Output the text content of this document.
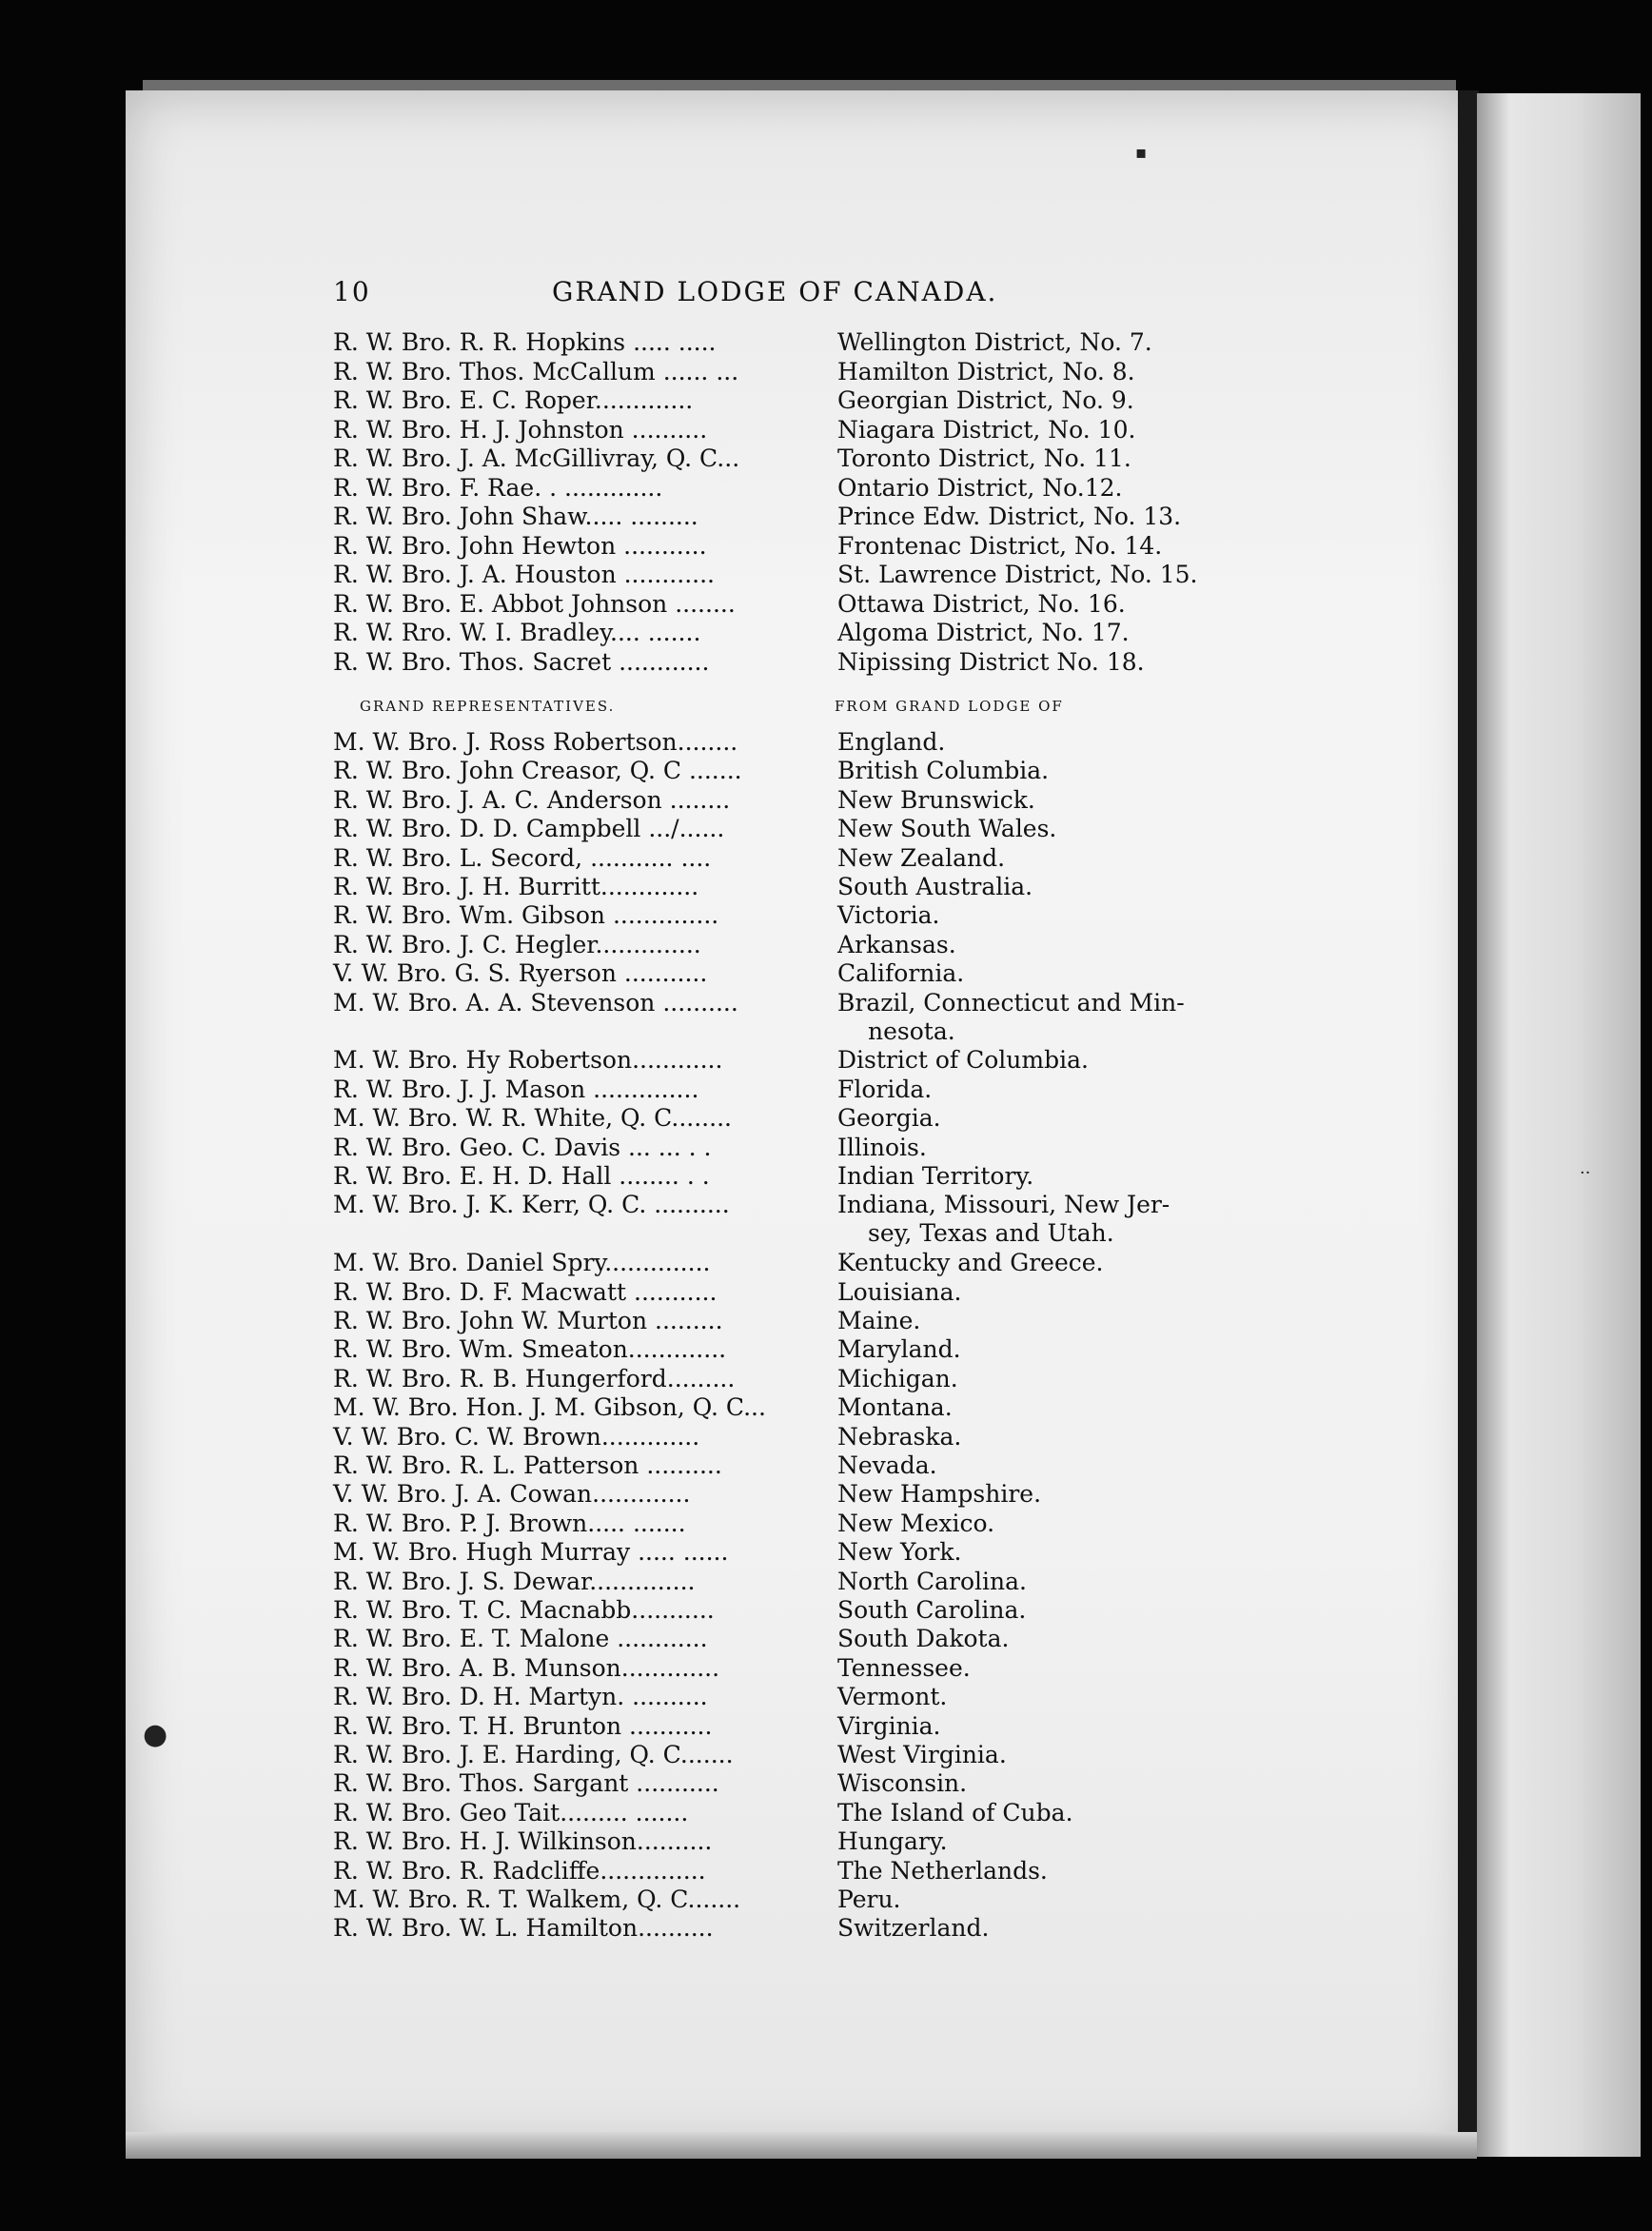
10	GRAND LODGE OF CANADA.
GRAND REPRESENTATIVES.	FROM GRAND LODGE OF
R. W. Bro. R. R. Hopkins ..... .....	Wellington District, No. 7.
R. W. Bro. Thos. McCallum ...... ...	Hamilton District, No. 8.
R. W. Bro. E. C. Roper.............	Georgian District, No. 9.
R. W. Bro. H. J. Johnston ..........	Niagara District, No. 10.
R. W. Bro. J. A. McGillivray, Q. C...	Toronto District, No. 11.
R. W. Bro. F. Rae. . .............	Ontario District, No.12.
R. W. Bro. John Shaw..... .........	Prince Edw. District, No. 13.
R. W. Bro. John Hewton ...........	Frontenac District, No. 14.
R. W. Bro. J. A. Houston ............	St. Lawrence District, No. 15.
R. W. Bro. E. Abbot Johnson ........	Ottawa District, No. 16.
R. W. Rro. W. I. Bradley.... .......	Algoma District, No. 17.
R. W. Bro. Thos. Sacret ............	Nipissing District No. 18.
M. W. Bro. J. Ross Robertson........	England.
R. W. Bro. John Creasor, Q. C .......	British Columbia.
R. W. Bro. J. A. C. Anderson ........	New Brunswick.
R. W. Bro. D. D. Campbell .../......	New South Wales.
R. W. Bro. L. Secord, ........... ....	New Zealand.
R. W. Bro. J. H. Burritt.............	South Australia.
R. W. Bro. Wm. Gibson ..............	Victoria.
R. W. Bro. J. C. Hegler..............	Arkansas.
V. W. Bro. G. S. Ryerson ...........	California.
M. W. Bro. A. A. Stevenson ..........	Brazil, Connecticut and Min-
nesota.
M. W. Bro. Hy Robertson............	District of Columbia.
R. W. Bro. J. J. Mason ..............	Florida.
M. W. Bro. W. R. White, Q. C........	Georgia.
R. W. Bro. Geo. C. Davis ... ... . .	Illinois.
R. W. Bro. E. H. D. Hall ........ . .	Indian Territory.
M. W. Bro. J. K. Kerr, Q. C. ..........	Indiana, Missouri, New Jer-
sey, Texas and Utah.
M. W. Bro. Daniel Spry..............	Kentucky and Greece.
R. W. Bro. D. F. Macwatt ...........	Louisiana.
R. W. Bro. John W. Murton .........	Maine.
R. W. Bro. Wm. Smeaton.............	Maryland.
R. W. Bro. R. B. Hungerford.........	Michigan.
M. W. Bro. Hon. J. M. Gibson, Q. C...	Montana.
V. W. Bro. C. W. Brown.............	Nebraska.
R. W. Bro. R. L. Patterson ..........	Nevada.
V. W. Bro. J. A. Cowan.............	New Hampshire.
R. W. Bro. P. J. Brown..... .......	New Mexico.
M. W. Bro. Hugh Murray ..... ......	New York.
R. W. Bro. J. S. Dewar..............	North Carolina.
R. W. Bro. T. C. Macnabb...........	South Carolina.
R. W. Bro. E. T. Malone ............	South Dakota.
R. W. Bro. A. B. Munson.............	Tennessee.
R. W. Bro. D. H. Martyn. ..........	Vermont.
R. W. Bro. T. H. Brunton ...........	Virginia.
R. W. Bro. J. E. Harding, Q. C.......	West Virginia.
R. W. Bro. Thos. Sargant ...........	Wisconsin.
R. W. Bro. Geo Tait......... .......	The Island of Cuba.
R. W. Bro. H. J. Wilkinson..........	Hungary.
R. W. Bro. R. Radcliffe..............	The Netherlands.
M. W. Bro. R. T. Walkem, Q. C.......	Peru.
R. W. Bro. W. L. Hamilton..........	Switzerland.
▪
●
··
